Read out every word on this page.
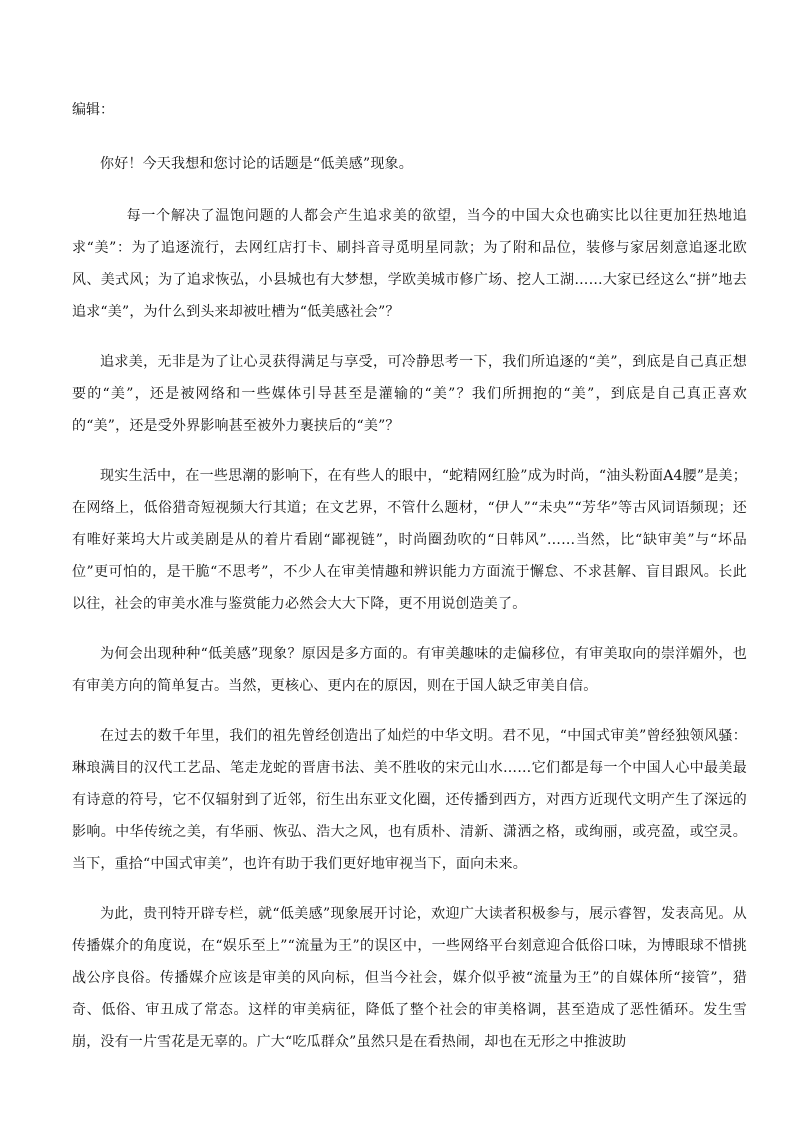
编辑：

你好！今天我想和您讨论的话题是“低美感”现象。

每一个解决了温饱问题的人都会产生追求美的欲望，当今的中国大众也确实比以往更加狂热地追求“美”：为了追逐流行，去网红店打卡、刷抖音寻觅明星同款；为了附和品位，装修与家居刻意追逐北欧风、美式风；为了追求恢弘，小县城也有大梦想，学欧美城市修广场、挖人工湖……大家已经这么“拼”地去追求“美”，为什么到头来却被吐槽为“低美感社会”？

追求美，无非是为了让心灵获得满足与享受，可冷静思考一下，我们所追逐的“美”，到底是自己真正想要的“美”，还是被网络和一些媒体引导甚至是灌输的“美”？我们所拥抱的“美”，到底是自己真正喜欢的“美”，还是受外界影响甚至被外力裹挟后的“美”？

现实生活中，在一些思潮的影响下，在有些人的眼中，“蛇精网红脸”成为时尚，“油头粉面A4腰”是美；在网络上，低俗猎奇短视频大行其道；在文艺界，不管什么题材，“伊人”“未央”“芳华”等古风词语频现；还有唯好莱坞大片或美剧是从的着片看剧“鄙视链”，时尚圈劲吹的“日韩风”……当然，比“缺审美”与“坏品位”更可怕的，是干脆“不思考”，不少人在审美情趣和辨识能力方面流于懈怠、不求甚解、盲目跟风。长此以往，社会的审美水准与鉴赏能力必然会大大下降，更不用说创造美了。

为何会出现种种“低美感”现象？原因是多方面的。有审美趣味的走偏移位，有审美取向的崇洋媚外，也有审美方向的简单复古。当然，更核心、更内在的原因，则在于国人缺乏审美自信。

在过去的数千年里，我们的祖先曾经创造出了灿烂的中华文明。君不见，“中国式审美”曾经独领风骚：琳琅满目的汉代工艺品、笔走龙蛇的晋唐书法、美不胜收的宋元山水……它们都是每一个中国人心中最美最有诗意的符号，它不仅辐射到了近邻，衍生出东亚文化圈，还传播到西方，对西方近现代文明产生了深远的影响。中华传统之美，有华丽、恢弘、浩大之风，也有质朴、清新、潇洒之格，或绚丽，或亮盈，或空灵。当下，重拾“中国式审美”，也许有助于我们更好地审视当下，面向未来。

为此，贵刊特开辟专栏，就“低美感”现象展开讨论，欢迎广大读者积极参与，展示睿智，发表高见。从传播媒介的角度说，在“娱乐至上”“流量为王”的误区中，一些网络平台刻意迎合低俗口味，为博眼球不惜挑战公序良俗。传播媒介应该是审美的风向标，但当今社会，媒介似乎被“流量为王”的自媒体所“接管”，猎奇、低俗、审丑成了常态。这样的审美病征，降低了整个社会的审美格调，甚至造成了恶性循环。发生雪崩，没有一片雪花是无辜的。广大“吃瓜群众”虽然只是在看热闹，却也在无形之中推波助
